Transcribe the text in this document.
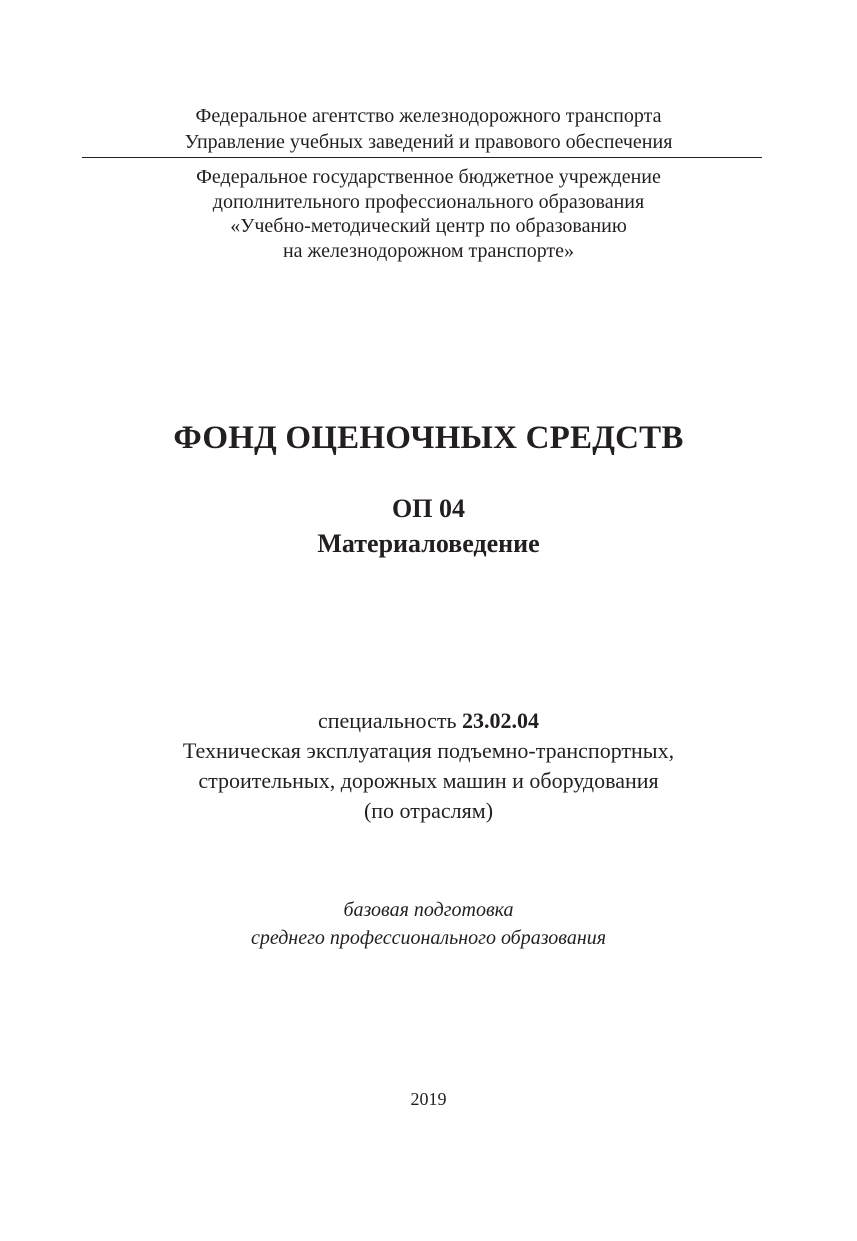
Федеральное агентство железнодорожного транспорта
Управление учебных заведений и правового обеспечения
Федеральное государственное бюджетное учреждение
дополнительного профессионального образования
«Учебно-методический центр по образованию
на железнодорожном транспорте»
ФОНД ОЦЕНОЧНЫХ СРЕДСТВ
ОП 04
Материаловедение
специальность 23.02.04
Техническая эксплуатация подъемно-транспортных,
строительных, дорожных машин и оборудования
(по отраслям)
базовая подготовка
среднего профессионального образования
2019
